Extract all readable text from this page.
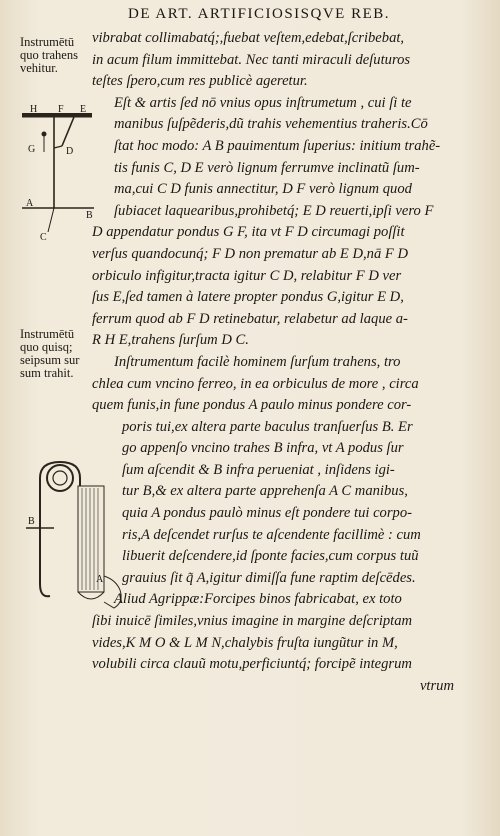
DE ART. ARTIFICIOSISQVE REB.
Instrumētū
quo trahens
vehitur.
H F E
G	D
A
B
C
Instrumētū
quo quisq;
seipsum sur
sum trahit.
B
A
vibrabat collimabatq́;,fuebat veſtem,edebat,ſcribebat,
in acum filum immittebat. Nec tanti miraculi deſuturos
teſtes ſpero,cum res publicè ageretur.
Eſt & artis ſed nō vnius opus inſtrumetum , cui ſi te
manibus ſuſpẽderis,dũ trahis vehementius traheris.Cō
ſtat hoc modo: A B pauimentum ſuperius: initium trahẽ-
tis funis C, D E verò lignum ferrumve inclinatũ ſum-
ma,cui C D funis annectitur, D F verò lignum quod
ſubiacet laquearibus,prohibetq́; E D reuerti,ipſi vero F
D appendatur pondus G F, ita vt F D circumagi poſſit
verſus quandocunq́; F D non prematur ab E D,nā F D
orbiculo infigitur,tracta igitur C D, relabitur F D ver
ſus E,ſed tamen à latere propter pondus G,igitur E D,
ferrum quod ab F D retinebatur, relabetur ad laque a-
R H E,trahens ſurſum D C.
Inſtrumentum facilè hominem ſurſum trahens, tro
chlea cum vncino ferreo, in ea orbiculus de more , circa
quem funis,in fune pondus A paulo minus pondere cor-
poris tui,ex altera parte baculus tranſuerſus B. Er
go appenſo vncino trahes B infra, vt A podus ſur
ſum aſcendit & B infra perueniat , inſidens igi-
tur B,& ex altera parte apprehenſa A C manibus,
quia A pondus paulò minus eſt pondere tui corpo-
ris,A deſcendet rurſus te aſcendente facillimè : cum
libuerit deſcendere,id ſponte facies,cum corpus tuũ
grauius ſit q̃ A,igitur dimiſſa fune raptim deſcēdes.
Aliud Agrippæ:Forcipes binos fabricabat, ex toto
ſibi inuicē ſimiles,vnius imagine in margine deſcriptam
vides,K M O & L M N,chalybis fruſta iungũtur in M,
volubili circa clauũ motu,perficiuntq́; forcipẽ integrum
vtrum
